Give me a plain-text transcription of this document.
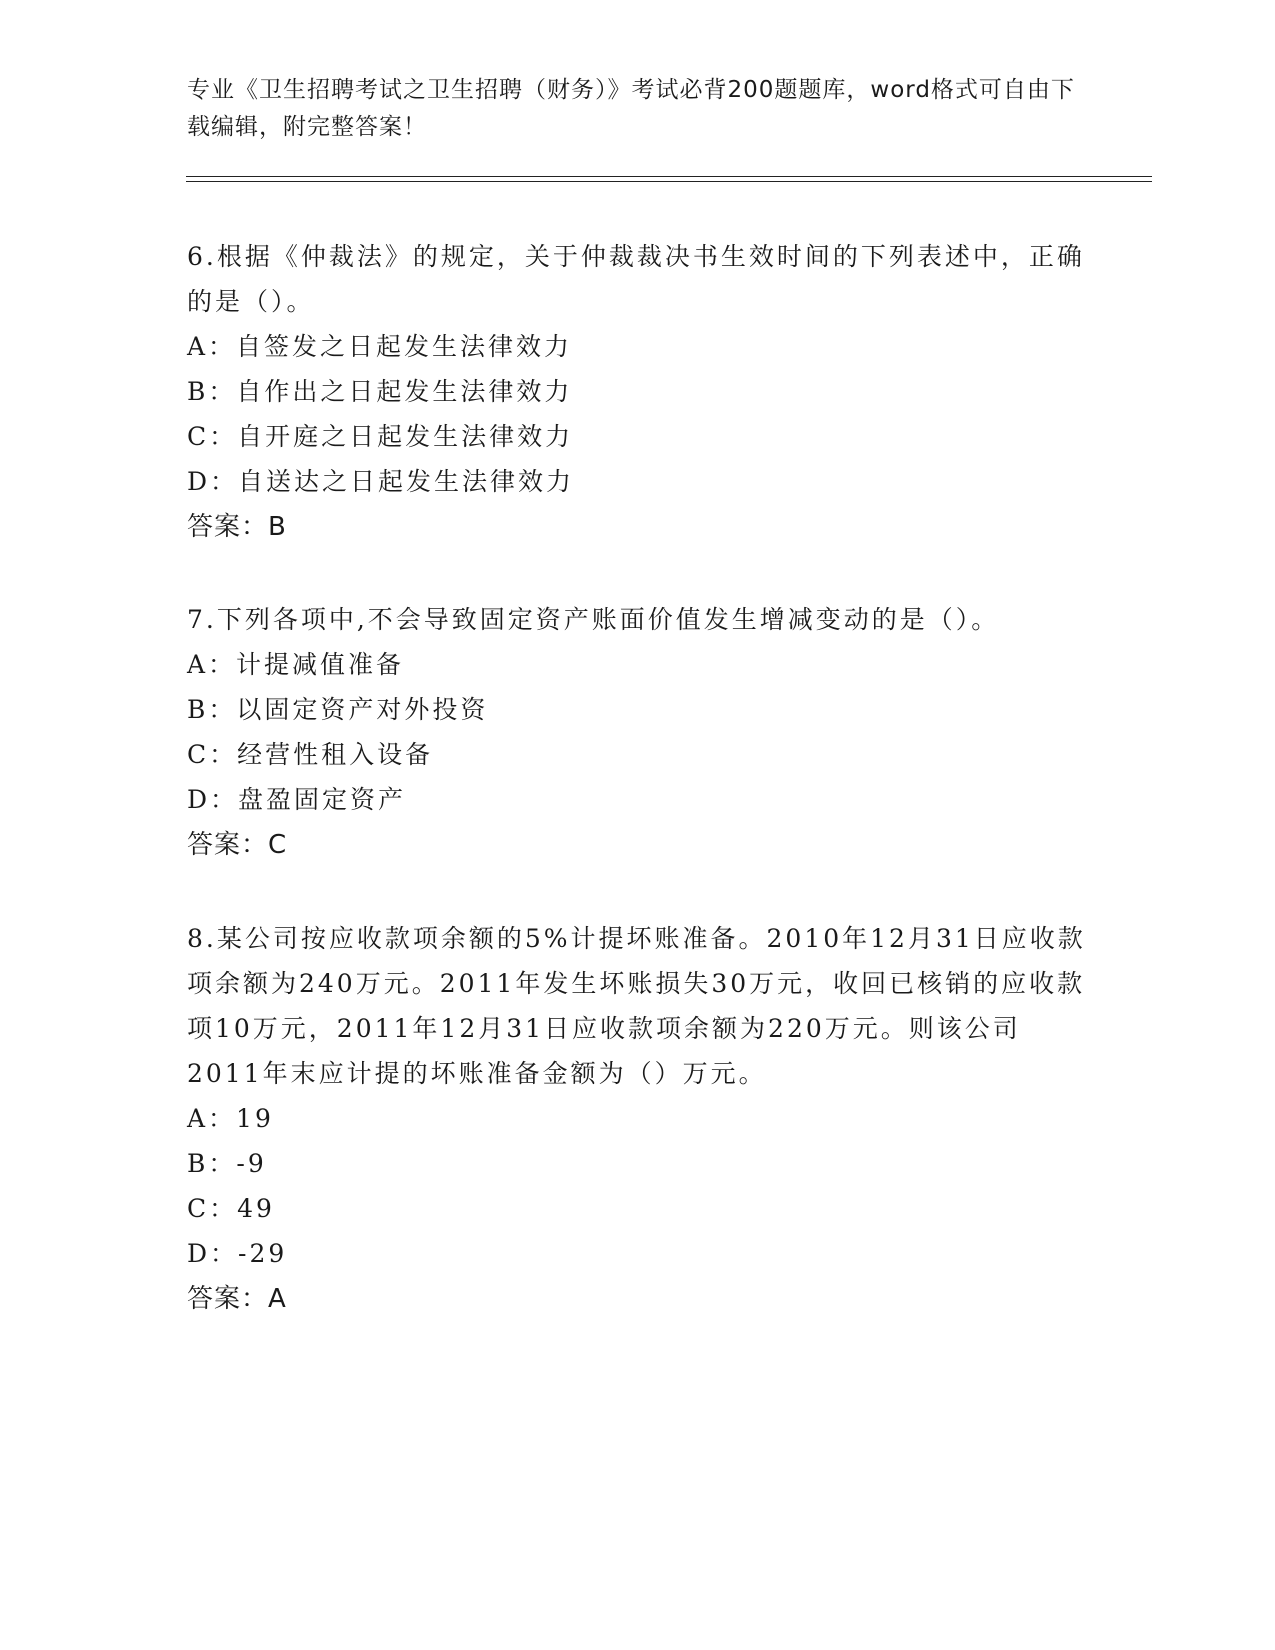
专业《卫生招聘考试之卫生招聘（财务）》考试必背200题题库，word格式可自由下载编辑，附完整答案！

6.根据《仲裁法》的规定，关于仲裁裁决书生效时间的下列表述中，正确的是（）。

A：自签发之日起发生法律效力

B：自作出之日起发生法律效力

C：自开庭之日起发生法律效力

D：自送达之日起发生法律效力

答案：B

7.下列各项中,不会导致固定资产账面价值发生增减变动的是（）。

A：计提减值准备

B：以固定资产对外投资

C：经营性租入设备

D：盘盈固定资产

答案：C

8.某公司按应收款项余额的5%计提坏账准备。2010年12月31日应收款项余额为240万元。2011年发生坏账损失30万元，收回已核销的应收款项10万元，2011年12月31日应收款项余额为220万元。则该公司2011年末应计提的坏账准备金额为（）万元。

A：19

B：-9

C：49

D：-29

答案：A
